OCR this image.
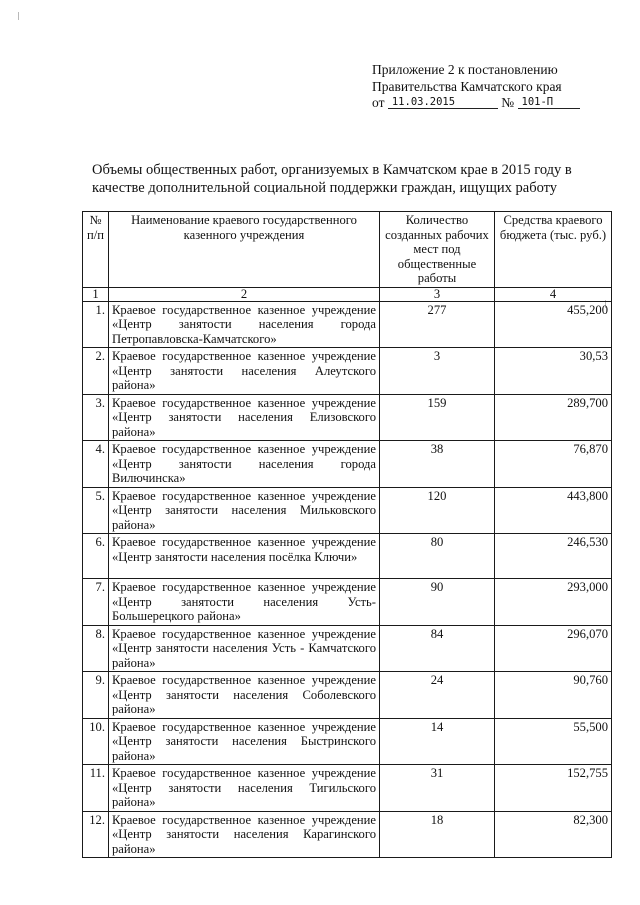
Приложение 2 к постановлению
Правительства Камчатского края
от 11.03.2015	№ 101-П
Объемы общественных работ, организуемых в Камчатском крае в 2015 году в качестве дополнительной социальной поддержки граждан, ищущих работу
№ п/п	Наименование краевого государственного казенного учреждения	Количество созданных рабочих мест под общественные работы	Средства краевого бюджета (тыс. руб.)
1	2	3	4
1.	Краевое государственное казенное учреждение «Центр занятости населения города Петропавловска-Камчатского»	277	455,200
2.	Краевое государственное казенное учреждение «Центр занятости населения Алеутского района»	3	30,53
3.	Краевое государственное казенное учреждение «Центр занятости населения Елизовского района»	159	289,700
4.	Краевое государственное казенное учреждение «Центр занятости населения города Вилючинска»	38	76,870
5.	Краевое государственное казенное учреждение «Центр занятости населения Мильковского района»	120	443,800
6.	Краевое государственное казенное учреждение «Центр занятости населения посёлка Ключи»	80	246,530
7.	Краевое государственное казенное учреждение «Центр занятости населения Усть-Большерецкого района»	90	293,000
8.	Краевое государственное казенное учреждение «Центр занятости населения Усть - Камчатского района»	84	296,070
9.	Краевое государственное казенное учреждение «Центр занятости населения Соболевского района»	24	90,760
10.	Краевое государственное казенное учреждение «Центр занятости населения Быстринского района»	14	55,500
11.	Краевое государственное казенное учреждение «Центр занятости населения Тигильского района»	31	152,755
12.	Краевое государственное казенное учреждение «Центр занятости населения Карагинского района»	18	82,300
